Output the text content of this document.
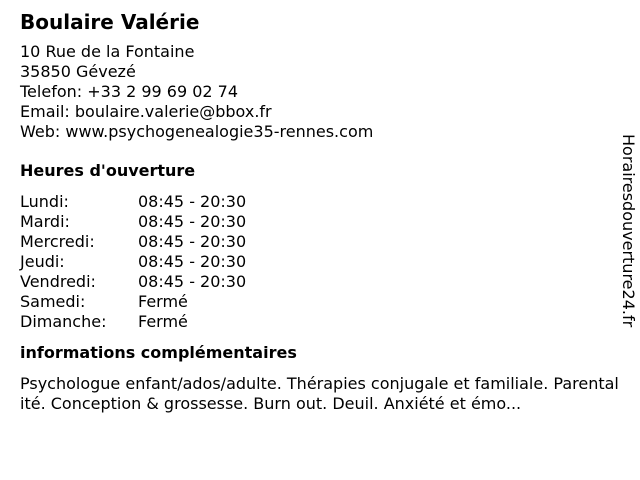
Boulaire Valérie
10 Rue de la Fontaine
35850 Gévezé
Telefon: +33 2 99 69 02 74
Email: boulaire.valerie@bbox.fr
Web: www.psychogenealogie35-rennes.com
Heures d'ouverture
Lundi:	08:45 - 20:30
Mardi:	08:45 - 20:30
Mercredi:	08:45 - 20:30
Jeudi:	08:45 - 20:30
Vendredi:	08:45 - 20:30
Samedi:	Fermé
Dimanche:	Fermé
informations complémentaires
Psychologue enfant/ados/adulte. Thérapies conjugale et familiale. Parentalité. Conception & grossesse. Burn out. Deuil. Anxiété et émo...
Horairesdouverture24.fr
